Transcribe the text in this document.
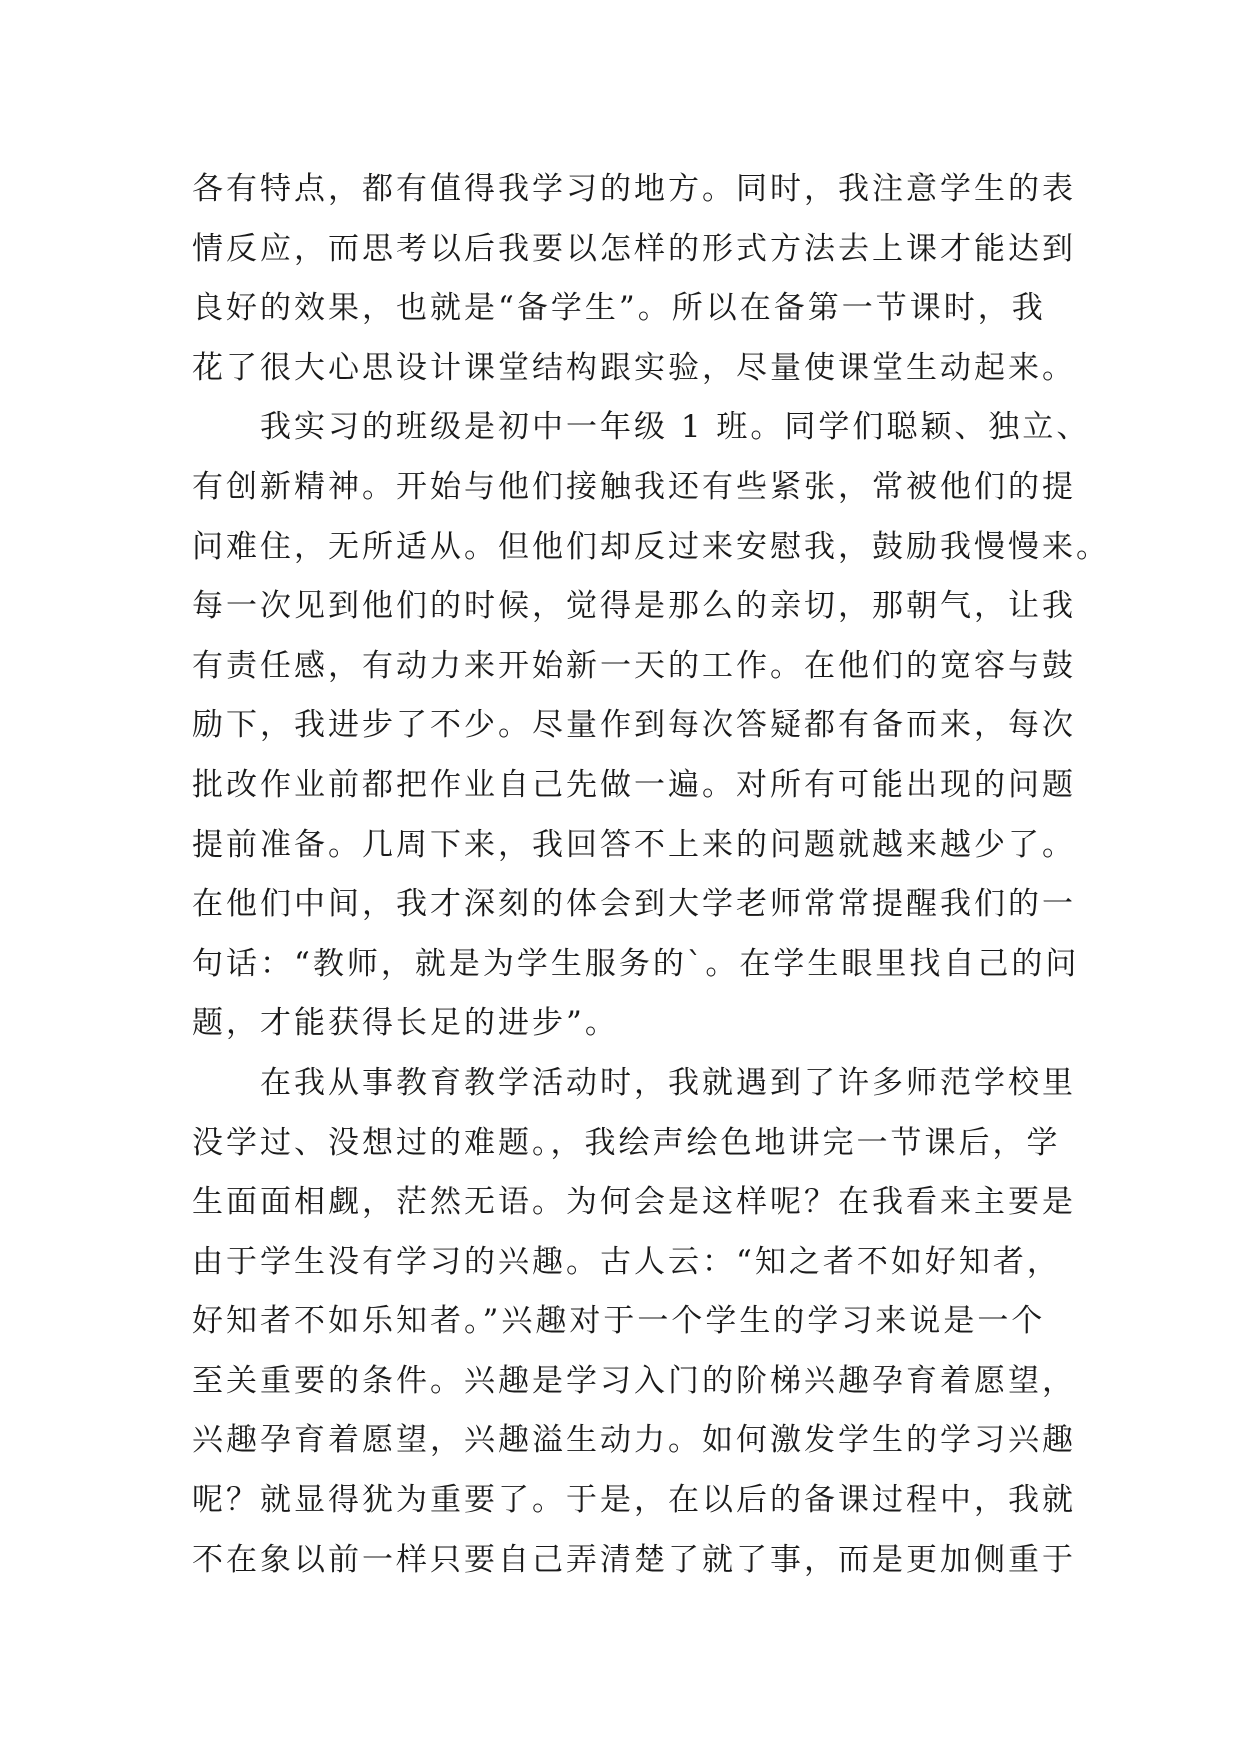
各有特点，都有值得我学习的地方。同时，我注意学生的表
情反应，而思考以后我要以怎样的形式方法去上课才能达到
良好的效果，也就是“备学生”。所以在备第一节课时，我
花了很大心思设计课堂结构跟实验，尽量使课堂生动起来。
我实习的班级是初中一年级 1 班。同学们聪颖、独立、
有创新精神。开始与他们接触我还有些紧张，常被他们的提
问难住，无所适从。但他们却反过来安慰我，鼓励我慢慢来。
每一次见到他们的时候，觉得是那么的亲切，那朝气，让我
有责任感，有动力来开始新一天的工作。在他们的宽容与鼓
励下，我进步了不少。尽量作到每次答疑都有备而来，每次
批改作业前都把作业自己先做一遍。对所有可能出现的问题
提前准备。几周下来，我回答不上来的问题就越来越少了。
在他们中间，我才深刻的体会到大学老师常常提醒我们的一
句话：“教师，就是为学生服务的`。在学生眼里找自己的问
题，才能获得长足的进步”。
在我从事教育教学活动时，我就遇到了许多师范学校里
没学过、没想过的难题。，我绘声绘色地讲完一节课后，学
生面面相觑，茫然无语。为何会是这样呢？在我看来主要是
由于学生没有学习的兴趣。古人云：“知之者不如好知者，
好知者不如乐知者。”兴趣对于一个学生的学习来说是一个
至关重要的条件。兴趣是学习入门的阶梯兴趣孕育着愿望，
兴趣孕育着愿望，兴趣溢生动力。如何激发学生的学习兴趣
呢？就显得犹为重要了。于是，在以后的备课过程中，我就
不在象以前一样只要自己弄清楚了就了事，而是更加侧重于
